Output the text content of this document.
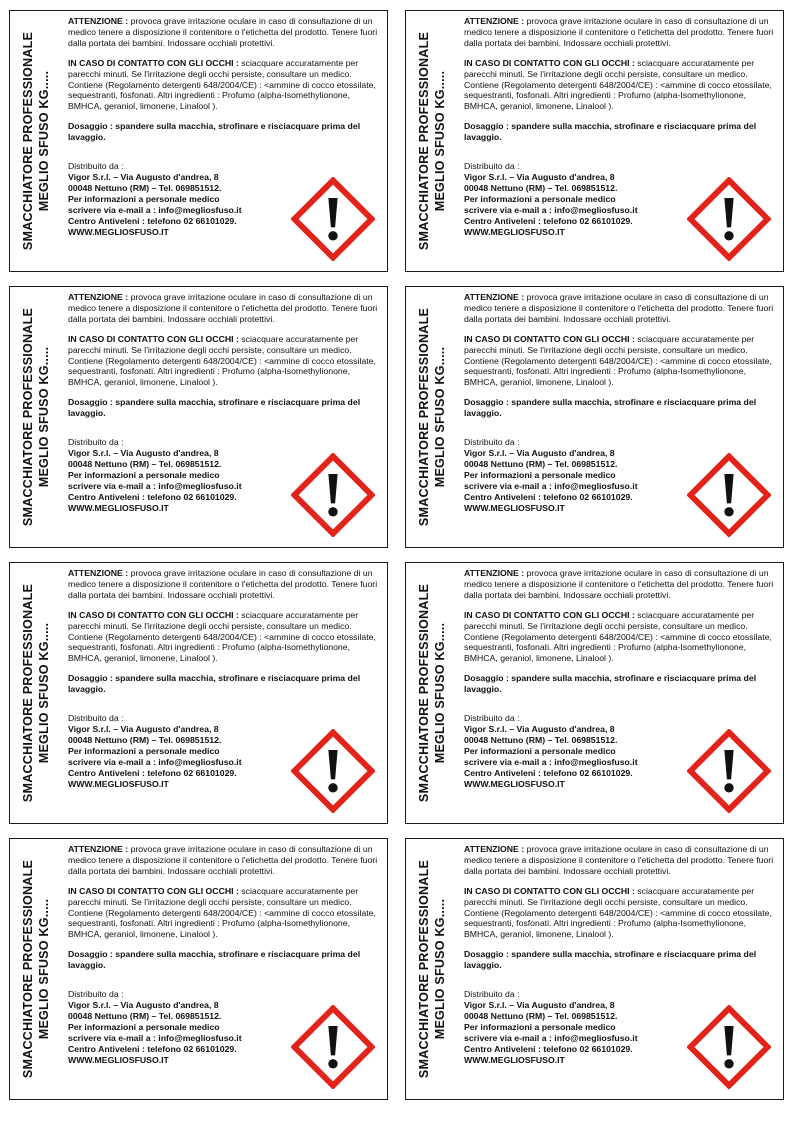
SMACCHIATORE PROFESSIONALE MEGLIO SFUSO KG.....

ATTENZIONE : provoca grave irritazione oculare in caso di consultazione di un medico tenere a disposizione il contenitore o l'etichetta del prodotto. Tenere fuori dalla portata dei bambini. Indossare occhiali protettivi.

IN CASO DI CONTATTO CON GLI OCCHI : sciacquare accuratamente per parecchi minuti. Se l'irritazione degli occhi persiste, consultare un medico. Contiene (Regolamento detergenti 648/2004/CE) : <ammine di cocco etossilate, sequestranti, fosfonati. Altri ingredienti : Profumo (alpha-Isomethylionone, BMHCA, geraniol, limonene, Linalool ).

Dosaggio : spandere sulla macchia, strofinare e risciacquare prima del lavaggio.

Distribuito da :
Vigor S.r.l. – Via Augusto d'andrea, 8
00048 Nettuno (RM) – Tel. 069851512.
Per informazioni a personale medico
scrivere via e-mail a : info@megliosfuso.it
Centro Antiveleni : telefono 02 66101029.
WWW.MEGLIOSFUSO.IT	SMACCHIATORE PROFESSIONALE MEGLIO SFUSO KG.....

ATTENZIONE : provoca grave irritazione oculare in caso di consultazione di un medico tenere a disposizione il contenitore o l'etichetta del prodotto. Tenere fuori dalla portata dei bambini. Indossare occhiali protettivi.

IN CASO DI CONTATTO CON GLI OCCHI : sciacquare accuratamente per parecchi minuti. Se l'irritazione degli occhi persiste, consultare un medico. Contiene (Regolamento detergenti 648/2004/CE) : <ammine di cocco etossilate, sequestranti, fosfonati. Altri ingredienti : Profumo (alpha-Isomethylionone, BMHCA, geraniol, limonene, Linalool ).

Dosaggio : spandere sulla macchia, strofinare e risciacquare prima del lavaggio.

Distribuito da :
Vigor S.r.l. – Via Augusto d'andrea, 8
00048 Nettuno (RM) – Tel. 069851512.
Per informazioni a personale medico
scrivere via e-mail a : info@megliosfuso.it
Centro Antiveleni : telefono 02 66101029.
WWW.MEGLIOSFUSO.IT
SMACCHIATORE PROFESSIONALE MEGLIO SFUSO KG.....

ATTENZIONE : provoca grave irritazione oculare in caso di consultazione di un medico tenere a disposizione il contenitore o l'etichetta del prodotto. Tenere fuori dalla portata dei bambini. Indossare occhiali protettivi.

IN CASO DI CONTATTO CON GLI OCCHI : sciacquare accuratamente per parecchi minuti. Se l'irritazione degli occhi persiste, consultare un medico. Contiene (Regolamento detergenti 648/2004/CE) : <ammine di cocco etossilate, sequestranti, fosfonati. Altri ingredienti : Profumo (alpha-Isomethylionone, BMHCA, geraniol, limonene, Linalool ).

Dosaggio : spandere sulla macchia, strofinare e risciacquare prima del lavaggio.

Distribuito da :
Vigor S.r.l. – Via Augusto d'andrea, 8
00048 Nettuno (RM) – Tel. 069851512.
Per informazioni a personale medico
scrivere via e-mail a : info@megliosfuso.it
Centro Antiveleni : telefono 02 66101029.
WWW.MEGLIOSFUSO.IT	SMACCHIATORE PROFESSIONALE MEGLIO SFUSO KG.....

ATTENZIONE : provoca grave irritazione oculare in caso di consultazione di un medico tenere a disposizione il contenitore o l'etichetta del prodotto. Tenere fuori dalla portata dei bambini. Indossare occhiali protettivi.

IN CASO DI CONTATTO CON GLI OCCHI : sciacquare accuratamente per parecchi minuti. Se l'irritazione degli occhi persiste, consultare un medico. Contiene (Regolamento detergenti 648/2004/CE) : <ammine di cocco etossilate, sequestranti, fosfonati. Altri ingredienti : Profumo (alpha-Isomethylionone, BMHCA, geraniol, limonene, Linalool ).

Dosaggio : spandere sulla macchia, strofinare e risciacquare prima del lavaggio.

Distribuito da :
Vigor S.r.l. – Via Augusto d'andrea, 8
00048 Nettuno (RM) – Tel. 069851512.
Per informazioni a personale medico
scrivere via e-mail a : info@megliosfuso.it
Centro Antiveleni : telefono 02 66101029.
WWW.MEGLIOSFUSO.IT
SMACCHIATORE PROFESSIONALE MEGLIO SFUSO KG.....

ATTENZIONE : provoca grave irritazione oculare in caso di consultazione di un medico tenere a disposizione il contenitore o l'etichetta del prodotto. Tenere fuori dalla portata dei bambini. Indossare occhiali protettivi.

IN CASO DI CONTATTO CON GLI OCCHI : sciacquare accuratamente per parecchi minuti. Se l'irritazione degli occhi persiste, consultare un medico. Contiene (Regolamento detergenti 648/2004/CE) : <ammine di cocco etossilate, sequestranti, fosfonati. Altri ingredienti : Profumo (alpha-Isomethylionone, BMHCA, geraniol, limonene, Linalool ).

Dosaggio : spandere sulla macchia, strofinare e risciacquare prima del lavaggio.

Distribuito da :
Vigor S.r.l. – Via Augusto d'andrea, 8
00048 Nettuno (RM) – Tel. 069851512.
Per informazioni a personale medico
scrivere via e-mail a : info@megliosfuso.it
Centro Antiveleni : telefono 02 66101029.
WWW.MEGLIOSFUSO.IT	SMACCHIATORE PROFESSIONALE MEGLIO SFUSO KG.....

ATTENZIONE : provoca grave irritazione oculare in caso di consultazione di un medico tenere a disposizione il contenitore o l'etichetta del prodotto. Tenere fuori dalla portata dei bambini. Indossare occhiali protettivi.

IN CASO DI CONTATTO CON GLI OCCHI : sciacquare accuratamente per parecchi minuti. Se l'irritazione degli occhi persiste, consultare un medico. Contiene (Regolamento detergenti 648/2004/CE) : <ammine di cocco etossilate, sequestranti, fosfonati. Altri ingredienti : Profumo (alpha-Isomethylionone, BMHCA, geraniol, limonene, Linalool ).

Dosaggio : spandere sulla macchia, strofinare e risciacquare prima del lavaggio.

Distribuito da :
Vigor S.r.l. – Via Augusto d'andrea, 8
00048 Nettuno (RM) – Tel. 069851512.
Per informazioni a personale medico
scrivere via e-mail a : info@megliosfuso.it
Centro Antiveleni : telefono 02 66101029.
WWW.MEGLIOSFUSO.IT
SMACCHIATORE PROFESSIONALE MEGLIO SFUSO KG.....

ATTENZIONE : provoca grave irritazione oculare in caso di consultazione di un medico tenere a disposizione il contenitore o l'etichetta del prodotto. Tenere fuori dalla portata dei bambini. Indossare occhiali protettivi.

IN CASO DI CONTATTO CON GLI OCCHI : sciacquare accuratamente per parecchi minuti. Se l'irritazione degli occhi persiste, consultare un medico. Contiene (Regolamento detergenti 648/2004/CE) : <ammine di cocco etossilate, sequestranti, fosfonati. Altri ingredienti : Profumo (alpha-Isomethylionone, BMHCA, geraniol, limonene, Linalool ).

Dosaggio : spandere sulla macchia, strofinare e risciacquare prima del lavaggio.

Distribuito da :
Vigor S.r.l. – Via Augusto d'andrea, 8
00048 Nettuno (RM) – Tel. 069851512.
Per informazioni a personale medico
scrivere via e-mail a : info@megliosfuso.it
Centro Antiveleni : telefono 02 66101029.
WWW.MEGLIOSFUSO.IT	SMACCHIATORE PROFESSIONALE MEGLIO SFUSO KG.....

ATTENZIONE : provoca grave irritazione oculare in caso di consultazione di un medico tenere a disposizione il contenitore o l'etichetta del prodotto. Tenere fuori dalla portata dei bambini. Indossare occhiali protettivi.

IN CASO DI CONTATTO CON GLI OCCHI : sciacquare accuratamente per parecchi minuti. Se l'irritazione degli occhi persiste, consultare un medico. Contiene (Regolamento detergenti 648/2004/CE) : <ammine di cocco etossilate, sequestranti, fosfonati. Altri ingredienti : Profumo (alpha-Isomethylionone, BMHCA, geraniol, limonene, Linalool ).

Dosaggio : spandere sulla macchia, strofinare e risciacquare prima del lavaggio.

Distribuito da :
Vigor S.r.l. – Via Augusto d'andrea, 8
00048 Nettuno (RM) – Tel. 069851512.
Per informazioni a personale medico
scrivere via e-mail a : info@megliosfuso.it
Centro Antiveleni : telefono 02 66101029.
WWW.MEGLIOSFUSO.IT
